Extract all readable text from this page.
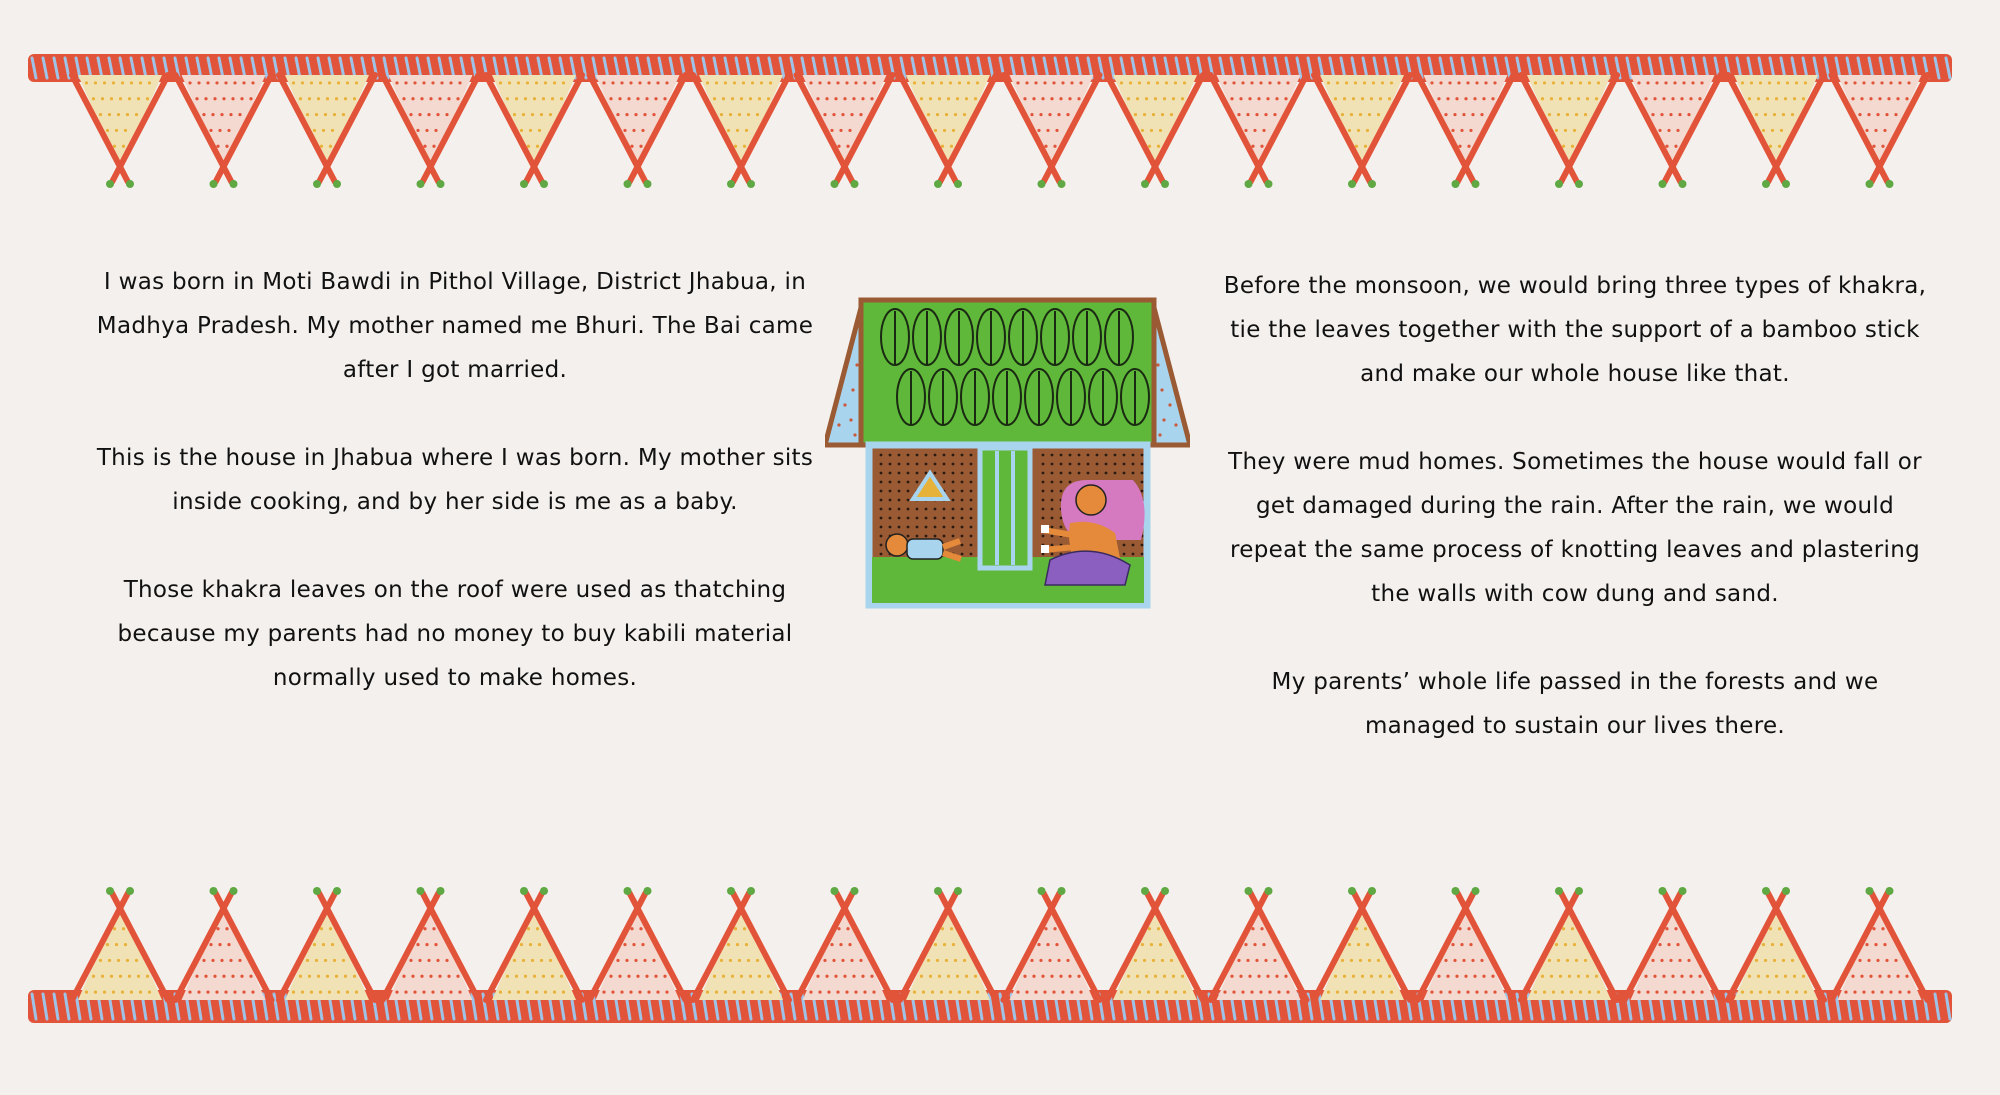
I was born in Moti Bawdi in Pithol Village, District Jhabua, in Madhya Pradesh. My mother named me Bhuri. The Bai came after I got married.

This is the house in Jhabua where I was born. My mother sits inside cooking, and by her side is me as a baby.

Those khakra leaves on the roof were used as thatching because my parents had no money to buy kabili material normally used to make homes.

Before the monsoon, we would bring three types of khakra, tie the leaves together with the support of a bamboo stick and make our whole house like that.

They were mud homes. Sometimes the house would fall or get damaged during the rain. After the rain, we would repeat the same process of knotting leaves and plastering the walls with cow dung and sand.

My parents’ whole life passed in the forests and we managed to sustain our lives there.
